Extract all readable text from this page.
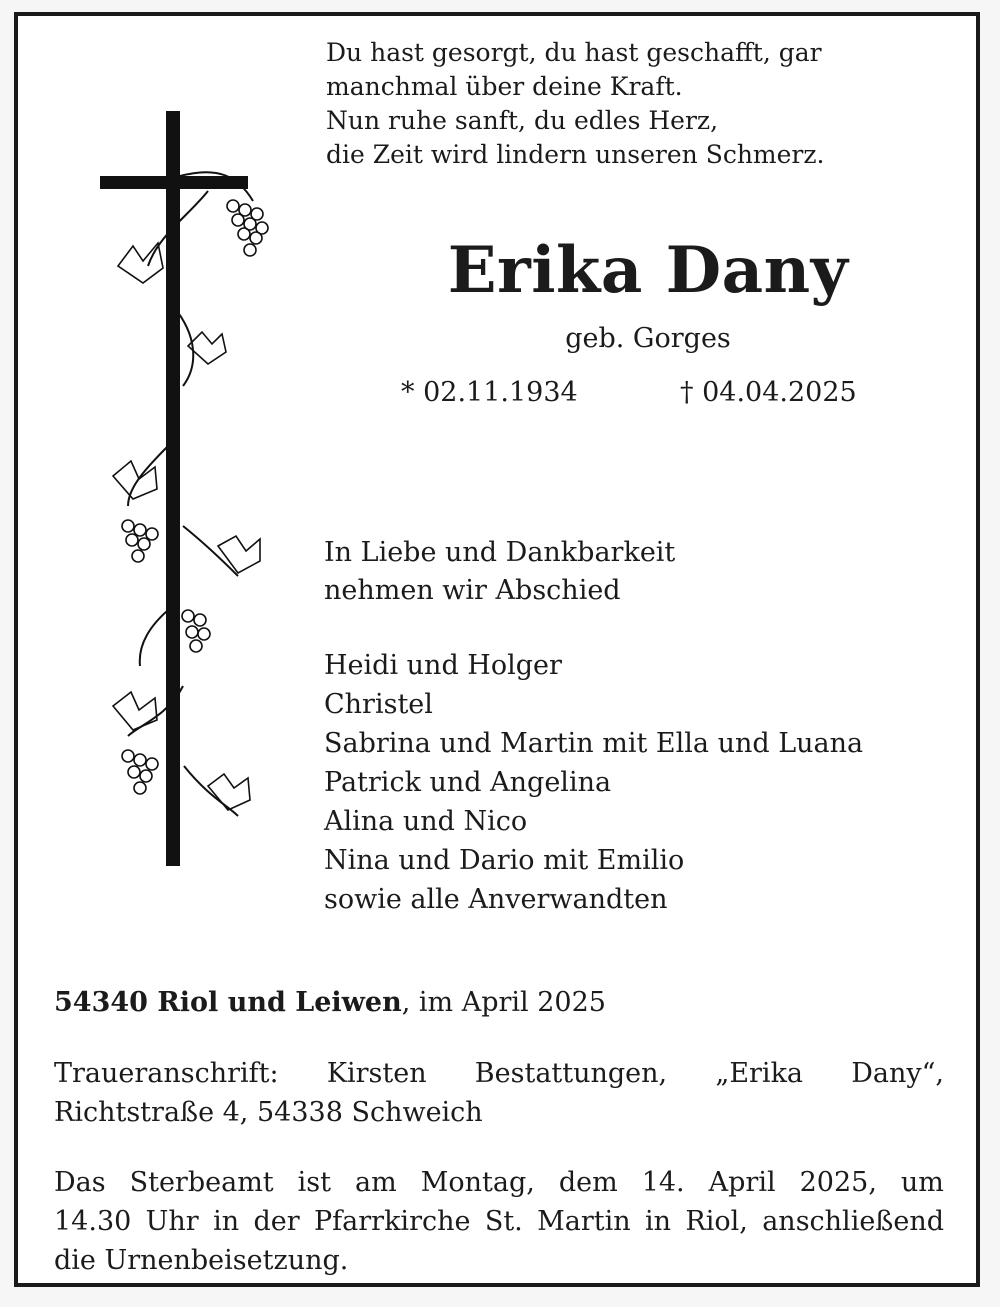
Du hast gesorgt, du hast geschafft, gar
manchmal über deine Kraft.
Nun ruhe sanft, du edles Herz,
die Zeit wird lindern unseren Schmerz.
Erika Dany
geb. Gorges
* 02.11.1934	† 04.04.2025
In Liebe und Dankbarkeit
nehmen wir Abschied
Heidi und Holger
Christel
Sabrina und Martin mit Ella und Luana
Patrick und Angelina
Alina und Nico
Nina und Dario mit Emilio
sowie alle Anverwandten
54340 Riol und Leiwen, im April 2025
Traueranschrift: Kirsten Bestattungen, „Erika Dany“,
Richtstraße 4, 54338 Schweich
Das Sterbeamt ist am Montag, dem 14. April 2025, um
14.30 Uhr in der Pfarrkirche St. Martin in Riol, anschließend
die Urnenbeisetzung.
